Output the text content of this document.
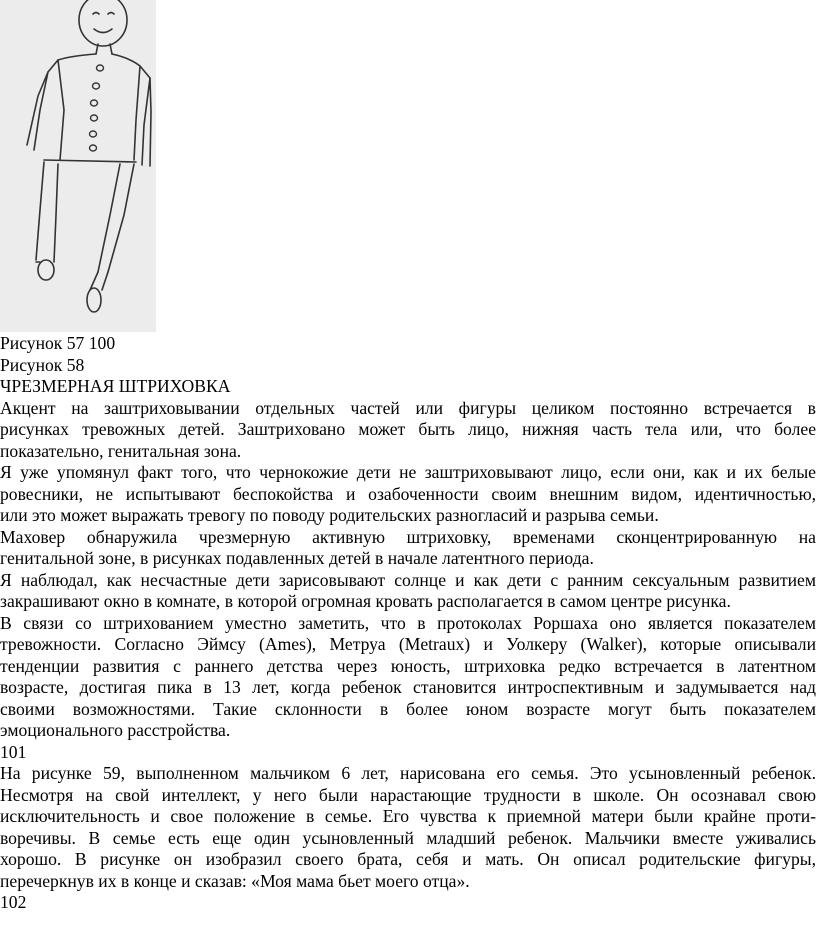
Рисунок 57 100
Рисунок 58
ЧРЕЗМЕРНАЯ ШТРИХОВКА
Акцент на заштриховывании отдельных частей или фигуры целиком постоянно встречается в
рисунках тревожных детей. Заштриховано может быть лицо, нижняя часть тела или, что более
показательно, генитальная зона.
Я уже упомянул факт того, что чернокожие дети не заштриховывают лицо, если они, как и их белые
ровесники, не испытывают беспокойства и озабоченности своим внешним видом, идентичностью,
или это может выражать тревогу по поводу родительских разногласий и разрыва семьи.
Маховер обнаружила чрезмерную активную штриховку, временами сконцентрированную на
генитальной зоне, в рисунках подавленных детей в начале латентного периода.
Я наблюдал, как несчастные дети зарисовывают солнце и как дети с ранним сексуальным развитием
закрашивают окно в комнате, в которой огромная кровать располагается в самом центре рисунка.
В связи со штрихованием уместно заметить, что в протоколах Роршаха оно является показателем
тревожности. Согласно Эймсу (Ames), Метруа (Metraux) и Уолкеру (Walker), которые описывали
тенденции развития с раннего детства через юность, штриховка редко встречается в латентном
возрасте, достигая пика в 13 лет, когда ребенок становится интроспективным и задумывается над
своими возможностями. Такие склонности в более юном возрасте могут быть показателем
эмоционального расстройства.
101
На рисунке 59, выполненном мальчиком 6 лет, нарисована его семья. Это усыновленный ребенок.
Несмотря на свой интеллект, у него были нарастающие трудности в школе. Он осознавал свою
исключительность и свое положение в семье. Его чувства к приемной матери были крайне проти-
воречивы. В семье есть еще один усыновленный младший ребенок. Мальчики вместе уживались
хорошо. В рисунке он изобразил своего брата, себя и мать. Он описал родительские фигуры,
перечеркнув их в конце и сказав: «Моя мама бьет моего отца».
102
